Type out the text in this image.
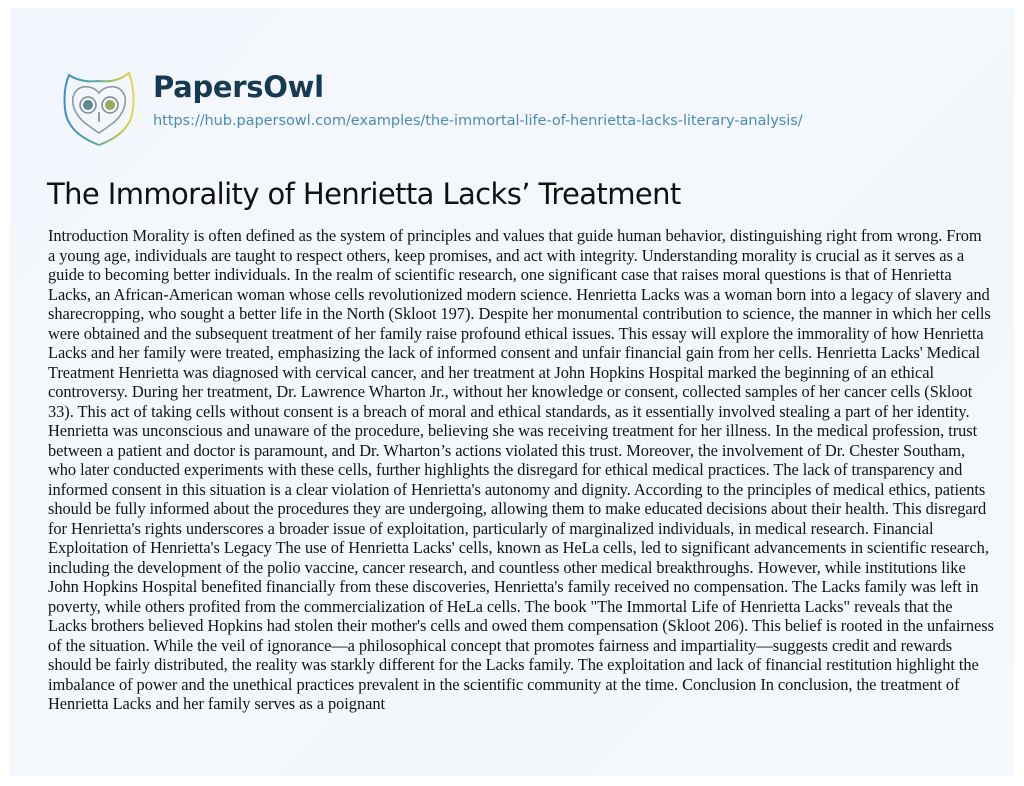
PapersOwl
https://hub.papersowl.com/examples/the-immortal-life-of-henrietta-lacks-literary-analysis/
The Immorality of Henrietta Lacks’ Treatment
Introduction Morality is often defined as the system of principles and values that guide human behavior, distinguishing right from wrong. From
a young age, individuals are taught to respect others, keep promises, and act with integrity. Understanding morality is crucial as it serves as a
guide to becoming better individuals. In the realm of scientific research, one significant case that raises moral questions is that of Henrietta
Lacks, an African-American woman whose cells revolutionized modern science. Henrietta Lacks was a woman born into a legacy of slavery and
sharecropping, who sought a better life in the North (Skloot 197). Despite her monumental contribution to science, the manner in which her cells
were obtained and the subsequent treatment of her family raise profound ethical issues. This essay will explore the immorality of how Henrietta
Lacks and her family were treated, emphasizing the lack of informed consent and unfair financial gain from her cells. Henrietta Lacks' Medical
Treatment Henrietta was diagnosed with cervical cancer, and her treatment at John Hopkins Hospital marked the beginning of an ethical
controversy. During her treatment, Dr. Lawrence Wharton Jr., without her knowledge or consent, collected samples of her cancer cells (Skloot
33). This act of taking cells without consent is a breach of moral and ethical standards, as it essentially involved stealing a part of her identity.
Henrietta was unconscious and unaware of the procedure, believing she was receiving treatment for her illness. In the medical profession, trust
between a patient and doctor is paramount, and Dr. Wharton’s actions violated this trust. Moreover, the involvement of Dr. Chester Southam,
who later conducted experiments with these cells, further highlights the disregard for ethical medical practices. The lack of transparency and
informed consent in this situation is a clear violation of Henrietta's autonomy and dignity. According to the principles of medical ethics, patients
should be fully informed about the procedures they are undergoing, allowing them to make educated decisions about their health. This disregard
for Henrietta's rights underscores a broader issue of exploitation, particularly of marginalized individuals, in medical research. Financial
Exploitation of Henrietta's Legacy The use of Henrietta Lacks' cells, known as HeLa cells, led to significant advancements in scientific research,
including the development of the polio vaccine, cancer research, and countless other medical breakthroughs. However, while institutions like
John Hopkins Hospital benefited financially from these discoveries, Henrietta's family received no compensation. The Lacks family was left in
poverty, while others profited from the commercialization of HeLa cells. The book "The Immortal Life of Henrietta Lacks" reveals that the
Lacks brothers believed Hopkins had stolen their mother's cells and owed them compensation (Skloot 206). This belief is rooted in the unfairness
of the situation. While the veil of ignorance—a philosophical concept that promotes fairness and impartiality—suggests credit and rewards
should be fairly distributed, the reality was starkly different for the Lacks family. The exploitation and lack of financial restitution highlight the
imbalance of power and the unethical practices prevalent in the scientific community at the time. Conclusion In conclusion, the treatment of
Henrietta Lacks and her family serves as a poignant
